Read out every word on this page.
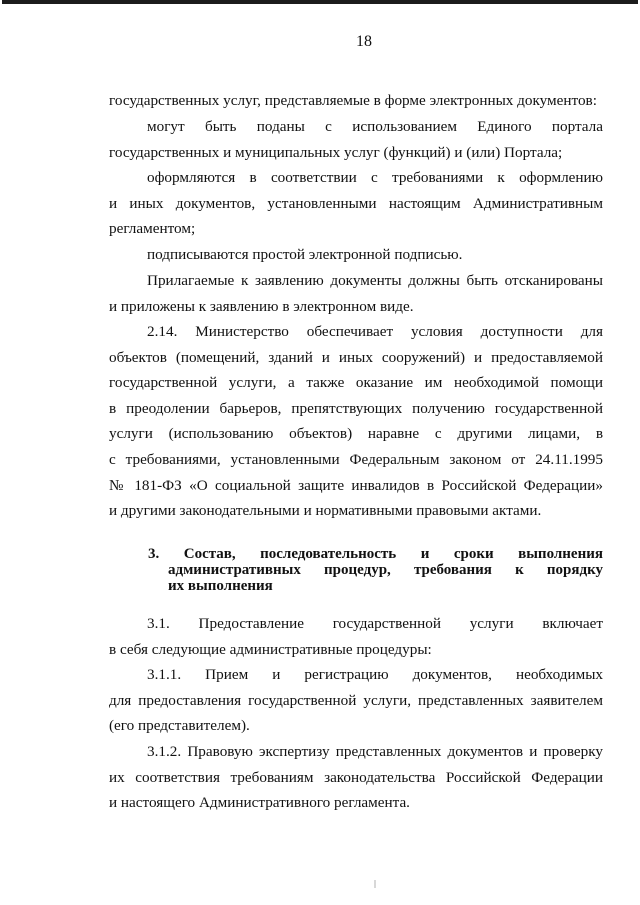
18
государственных услуг, представляемые в форме электронных документов:
могут быть поданы с использованием Единого портала
государственных и муниципальных услуг (функций) и (или) Портала;
оформляются в соответствии с требованиями к оформлению
и иных документов, установленными настоящим Административным
регламентом;
подписываются простой электронной подписью.
Прилагаемые к заявлению документы должны быть отсканированы
и приложены к заявлению в электронном виде.
2.14. Министерство обеспечивает условия доступности для
объектов (помещений, зданий и иных сооружений) и предоставляемой
государственной услуги, а также оказание им необходимой помощи
в преодолении барьеров, препятствующих получению государственной
услуги (использованию объектов) наравне с другими лицами, в
с требованиями, установленными Федеральным законом от 24.11.1995
№ 181-ФЗ «О социальной защите инвалидов в Российской Федерации»
и другими законодательными и нормативными правовыми актами.
3. Состав, последовательность и сроки выполнения
административных процедур, требования к порядку
их выполнения
3.1. Предоставление государственной услуги включает
в себя следующие административные процедуры:
3.1.1. Прием и регистрацию документов, необходимых
для предоставления государственной услуги, представленных заявителем
(его представителем).
3.1.2. Правовую экспертизу представленных документов и проверку
их соответствия требованиям законодательства Российской Федерации
и настоящего Административного регламента.
